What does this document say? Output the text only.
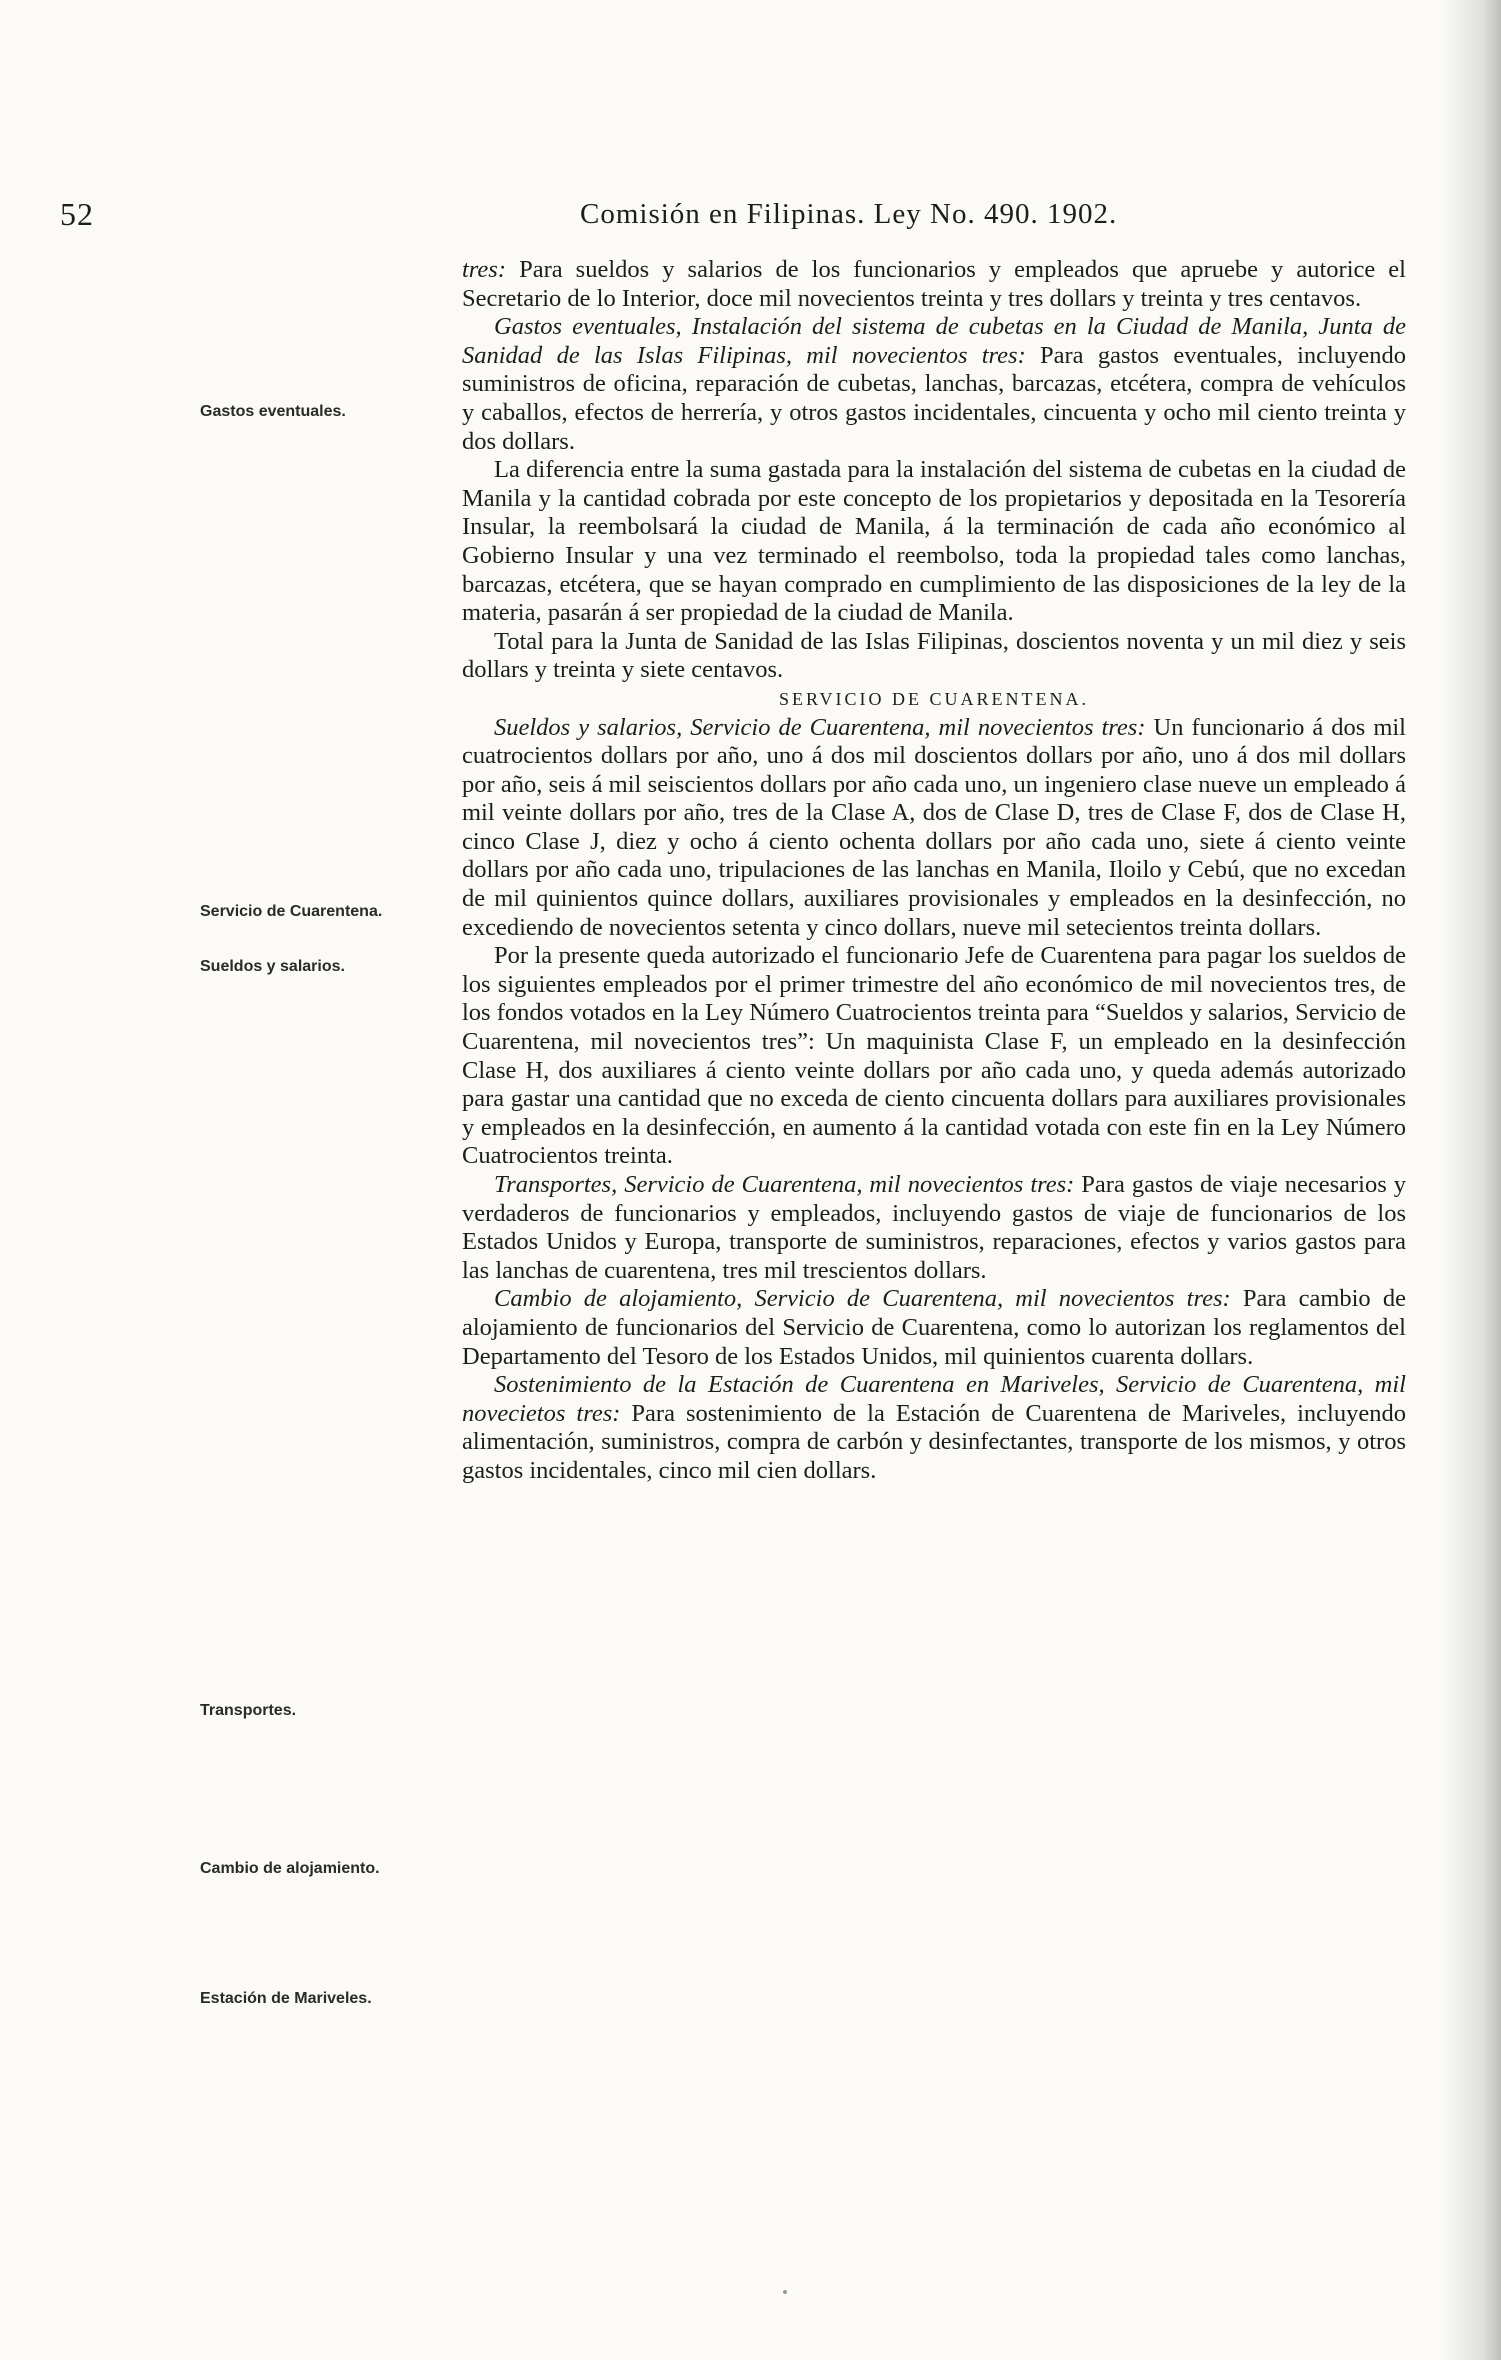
52	Comisión en Filipinas. Ley No. 490. 1902.
Gastos eventuales.
Servicio de Cuarentena.
Sueldos y salarios.
Transportes.
Cambio de alojamiento.
Estación de Mariveles.

tres: Para sueldos y salarios de los funcionarios y empleados que apruebe y autorice el Secretario de lo Interior, doce mil novecientos treinta y tres dollars y treinta y tres centavos.

Gastos eventuales, Instalación del sistema de cubetas en la Ciudad de Manila, Junta de Sanidad de las Islas Filipinas, mil novecientos tres: Para gastos eventuales, incluyendo suministros de oficina, reparación de cubetas, lanchas, barcazas, etcétera, compra de vehículos y caballos, efectos de herrería, y otros gastos incidentales, cincuenta y ocho mil ciento treinta y dos dollars.

La diferencia entre la suma gastada para la instalación del sistema de cubetas en la ciudad de Manila y la cantidad cobrada por este concepto de los propietarios y depositada en la Tesorería Insular, la reembolsará la ciudad de Manila, á la terminación de cada año económico al Gobierno Insular y una vez terminado el reembolso, toda la propiedad tales como lanchas, barcazas, etcétera, que se hayan comprado en cumplimiento de las disposiciones de la ley de la materia, pasarán á ser propiedad de la ciudad de Manila.

Total para la Junta de Sanidad de las Islas Filipinas, doscientos noventa y un mil diez y seis dollars y treinta y siete centavos.

SERVICIO DE CUARENTENA.

Sueldos y salarios, Servicio de Cuarentena, mil novecientos tres: Un funcionario á dos mil cuatrocientos dollars por año, uno á dos mil doscientos dollars por año, uno á dos mil dollars por año, seis á mil seiscientos dollars por año cada uno, un ingeniero clase nueve un empleado á mil veinte dollars por año, tres de la Clase A, dos de Clase D, tres de Clase F, dos de Clase H, cinco Clase J, diez y ocho á ciento ochenta dollars por año cada uno, siete á ciento veinte dollars por año cada uno, tripulaciones de las lanchas en Manila, Iloilo y Cebú, que no excedan de mil quinientos quince dollars, auxiliares provisionales y empleados en la desinfección, no excediendo de novecientos setenta y cinco dollars, nueve mil setecientos treinta dollars.

Por la presente queda autorizado el funcionario Jefe de Cuarentena para pagar los sueldos de los siguientes empleados por el primer trimestre del año económico de mil novecientos tres, de los fondos votados en la Ley Número Cuatrocientos treinta para “Sueldos y salarios, Servicio de Cuarentena, mil novecientos tres”: Un maquinista Clase F, un empleado en la desinfección Clase H, dos auxiliares á ciento veinte dollars por año cada uno, y queda además autorizado para gastar una cantidad que no exceda de ciento cincuenta dollars para auxiliares provisionales y empleados en la desinfección, en aumento á la cantidad votada con este fin en la Ley Número Cuatrocientos treinta.

Transportes, Servicio de Cuarentena, mil novecientos tres: Para gastos de viaje necesarios y verdaderos de funcionarios y empleados, incluyendo gastos de viaje de funcionarios de los Estados Unidos y Europa, transporte de suministros, reparaciones, efectos y varios gastos para las lanchas de cuarentena, tres mil trescientos dollars.

Cambio de alojamiento, Servicio de Cuarentena, mil novecientos tres: Para cambio de alojamiento de funcionarios del Servicio de Cuarentena, como lo autorizan los reglamentos del Departamento del Tesoro de los Estados Unidos, mil quinientos cuarenta dollars.

Sostenimiento de la Estación de Cuarentena en Mariveles, Servicio de Cuarentena, mil novecietos tres: Para sostenimiento de la Estación de Cuarentena de Mariveles, incluyendo alimentación, suministros, compra de carbón y desinfectantes, transporte de los mismos, y otros gastos incidentales, cinco mil cien dollars.
